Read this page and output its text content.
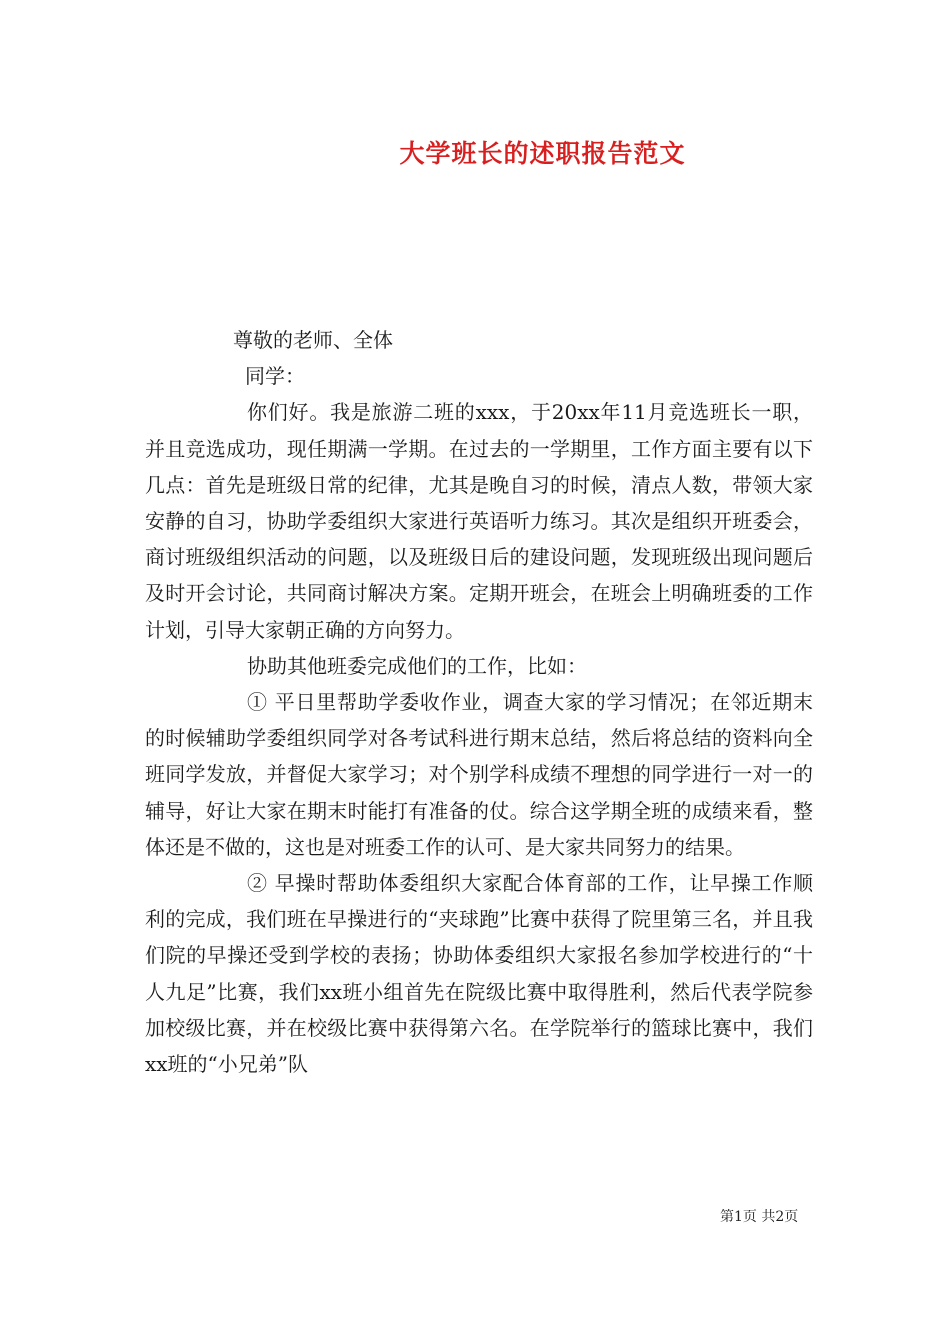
大学班长的述职报告范文

尊敬的老师、全体

同学：

你们好。我是旅游二班的xxx，于20xx年11月竞选班长一职，并且竞选成功，现任期满一学期。在过去的一学期里，工作方面主要有以下几点：首先是班级日常的纪律，尤其是晚自习的时候，清点人数，带领大家安静的自习，协助学委组织大家进行英语听力练习。其次是组织开班委会，商讨班级组织活动的问题，以及班级日后的建设问题，发现班级出现问题后及时开会讨论，共同商讨解决方案。定期开班会，在班会上明确班委的工作计划，引导大家朝正确的方向努力。

协助其他班委完成他们的工作，比如：

① 平日里帮助学委收作业，调查大家的学习情况；在邻近期末的时候辅助学委组织同学对各考试科进行期末总结，然后将总结的资料向全班同学发放，并督促大家学习；对个别学科成绩不理想的同学进行一对一的辅导，好让大家在期末时能打有准备的仗。综合这学期全班的成绩来看，整体还是不做的，这也是对班委工作的认可、是大家共同努力的结果。

② 早操时帮助体委组织大家配合体育部的工作，让早操工作顺利的完成，我们班在早操进行的“夹球跑”比赛中获得了院里第三名，并且我们院的早操还受到学校的表扬；协助体委组织大家报名参加学校进行的“十人九足”比赛，我们xx班小组首先在院级比赛中取得胜利，然后代表学院参加校级比赛，并在校级比赛中获得第六名。在学院举行的篮球比赛中，我们xx班的“小兄弟”队

第1页 共2页
